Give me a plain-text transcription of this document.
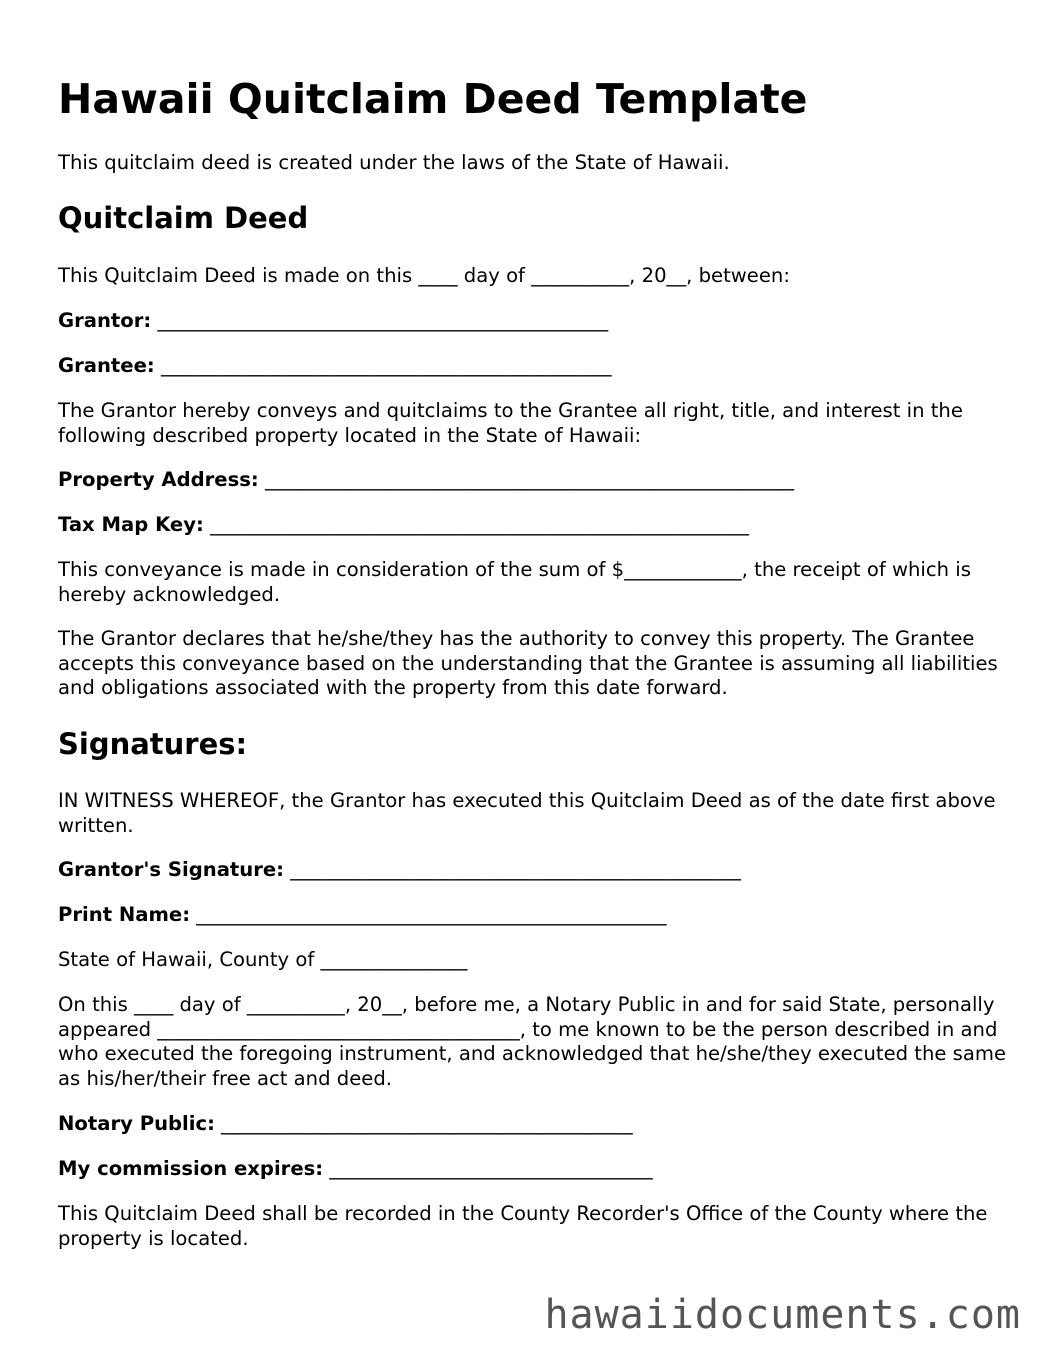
Hawaii Quitclaim Deed Template

This quitclaim deed is created under the laws of the State of Hawaii.

Quitclaim Deed

This Quitclaim Deed is made on this ____ day of __________, 20__, between:

Grantor: ______________________________________________

Grantee: ______________________________________________

The Grantor hereby conveys and quitclaims to the Grantee all right, title, and interest in the following described property located in the State of Hawaii:

Property Address: ______________________________________________________

Tax Map Key: _______________________________________________________

This conveyance is made in consideration of the sum of $____________, the receipt of which is hereby acknowledged.

The Grantor declares that he/she/they has the authority to convey this property. The Grantee accepts this conveyance based on the understanding that the Grantee is assuming all liabilities and obligations associated with the property from this date forward.

Signatures:

IN WITNESS WHEREOF, the Grantor has executed this Quitclaim Deed as of the date first above written.

Grantor's Signature: ______________________________________________

Print Name: ________________________________________________

State of Hawaii, County of _______________

On this ____ day of __________, 20__, before me, a Notary Public in and for said State, personally appeared _____________________________________, to me known to be the person described in and who executed the foregoing instrument, and acknowledged that he/she/they executed the same as his/her/their free act and deed.

Notary Public: __________________________________________

My commission expires: _________________________________

This Quitclaim Deed shall be recorded in the County Recorder's Office of the County where the property is located.

hawaiidocuments.com
